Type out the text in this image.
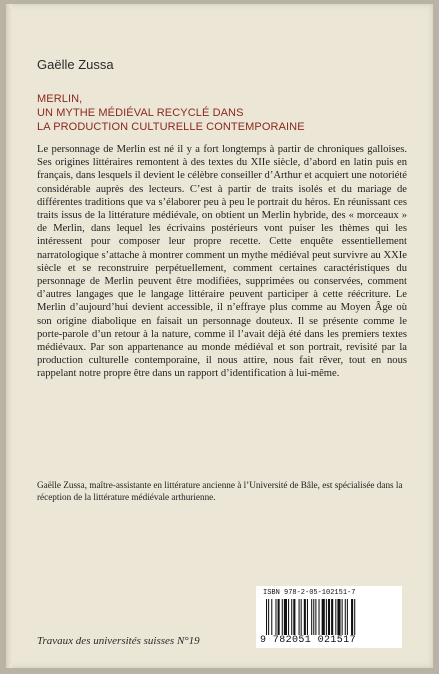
Gaëlle Zussa
MERLIN,
UN MYTHE MÉDIÉVAL RECYCLÉ DANS
LA PRODUCTION CULTURELLE CONTEMPORAINE

Le personnage de Merlin est né il y a fort longtemps à partir de chroniques galloises. Ses origines littéraires remontent à des textes du XIIe siècle, d’abord en latin puis en français, dans lesquels il devient le célèbre conseiller d’Arthur et acquiert une notoriété considérable auprès des lecteurs. C’est à partir de traits isolés et du mariage de différentes traditions que va s’élaborer peu à peu le portrait du héros. En réunissant ces traits issus de la littérature médiévale, on obtient un Merlin hybride, des « morceaux » de Merlin, dans lequel les écrivains postérieurs vont puiser les thèmes qui les intéressent pour composer leur propre recette. Cette enquête essentiellement narratologique s’attache à montrer comment un mythe médiéval peut survivre au XXIe siècle et se reconstruire perpétuellement, comment certaines caractéristiques du personnage de Merlin peuvent être modifiées, supprimées ou conservées, comment d’autres langages que le langage littéraire peuvent participer à cette réécriture. Le Merlin d’aujourd’hui devient accessible, il n’effraye plus comme au Moyen Âge où son origine diabolique en faisait un personnage douteux. Il se présente comme le porte-parole d’un retour à la nature, comme il l’avait déjà été dans les premiers textes médiévaux. Par son appartenance au monde médiéval et son portrait, revisité par la production culturelle contemporaine, il nous attire, nous fait rêver, tout en nous rappelant notre propre être dans un rapport d’identification à lui-même.

Gaëlle Zussa, maître-assistante en littérature ancienne à l’Université de Bâle, est spécialisée dans la réception de la littérature médiévale arthurienne.
ISBN 978-2-05-102151-7
9 782051 021517
Travaux des universités suisses N°19
